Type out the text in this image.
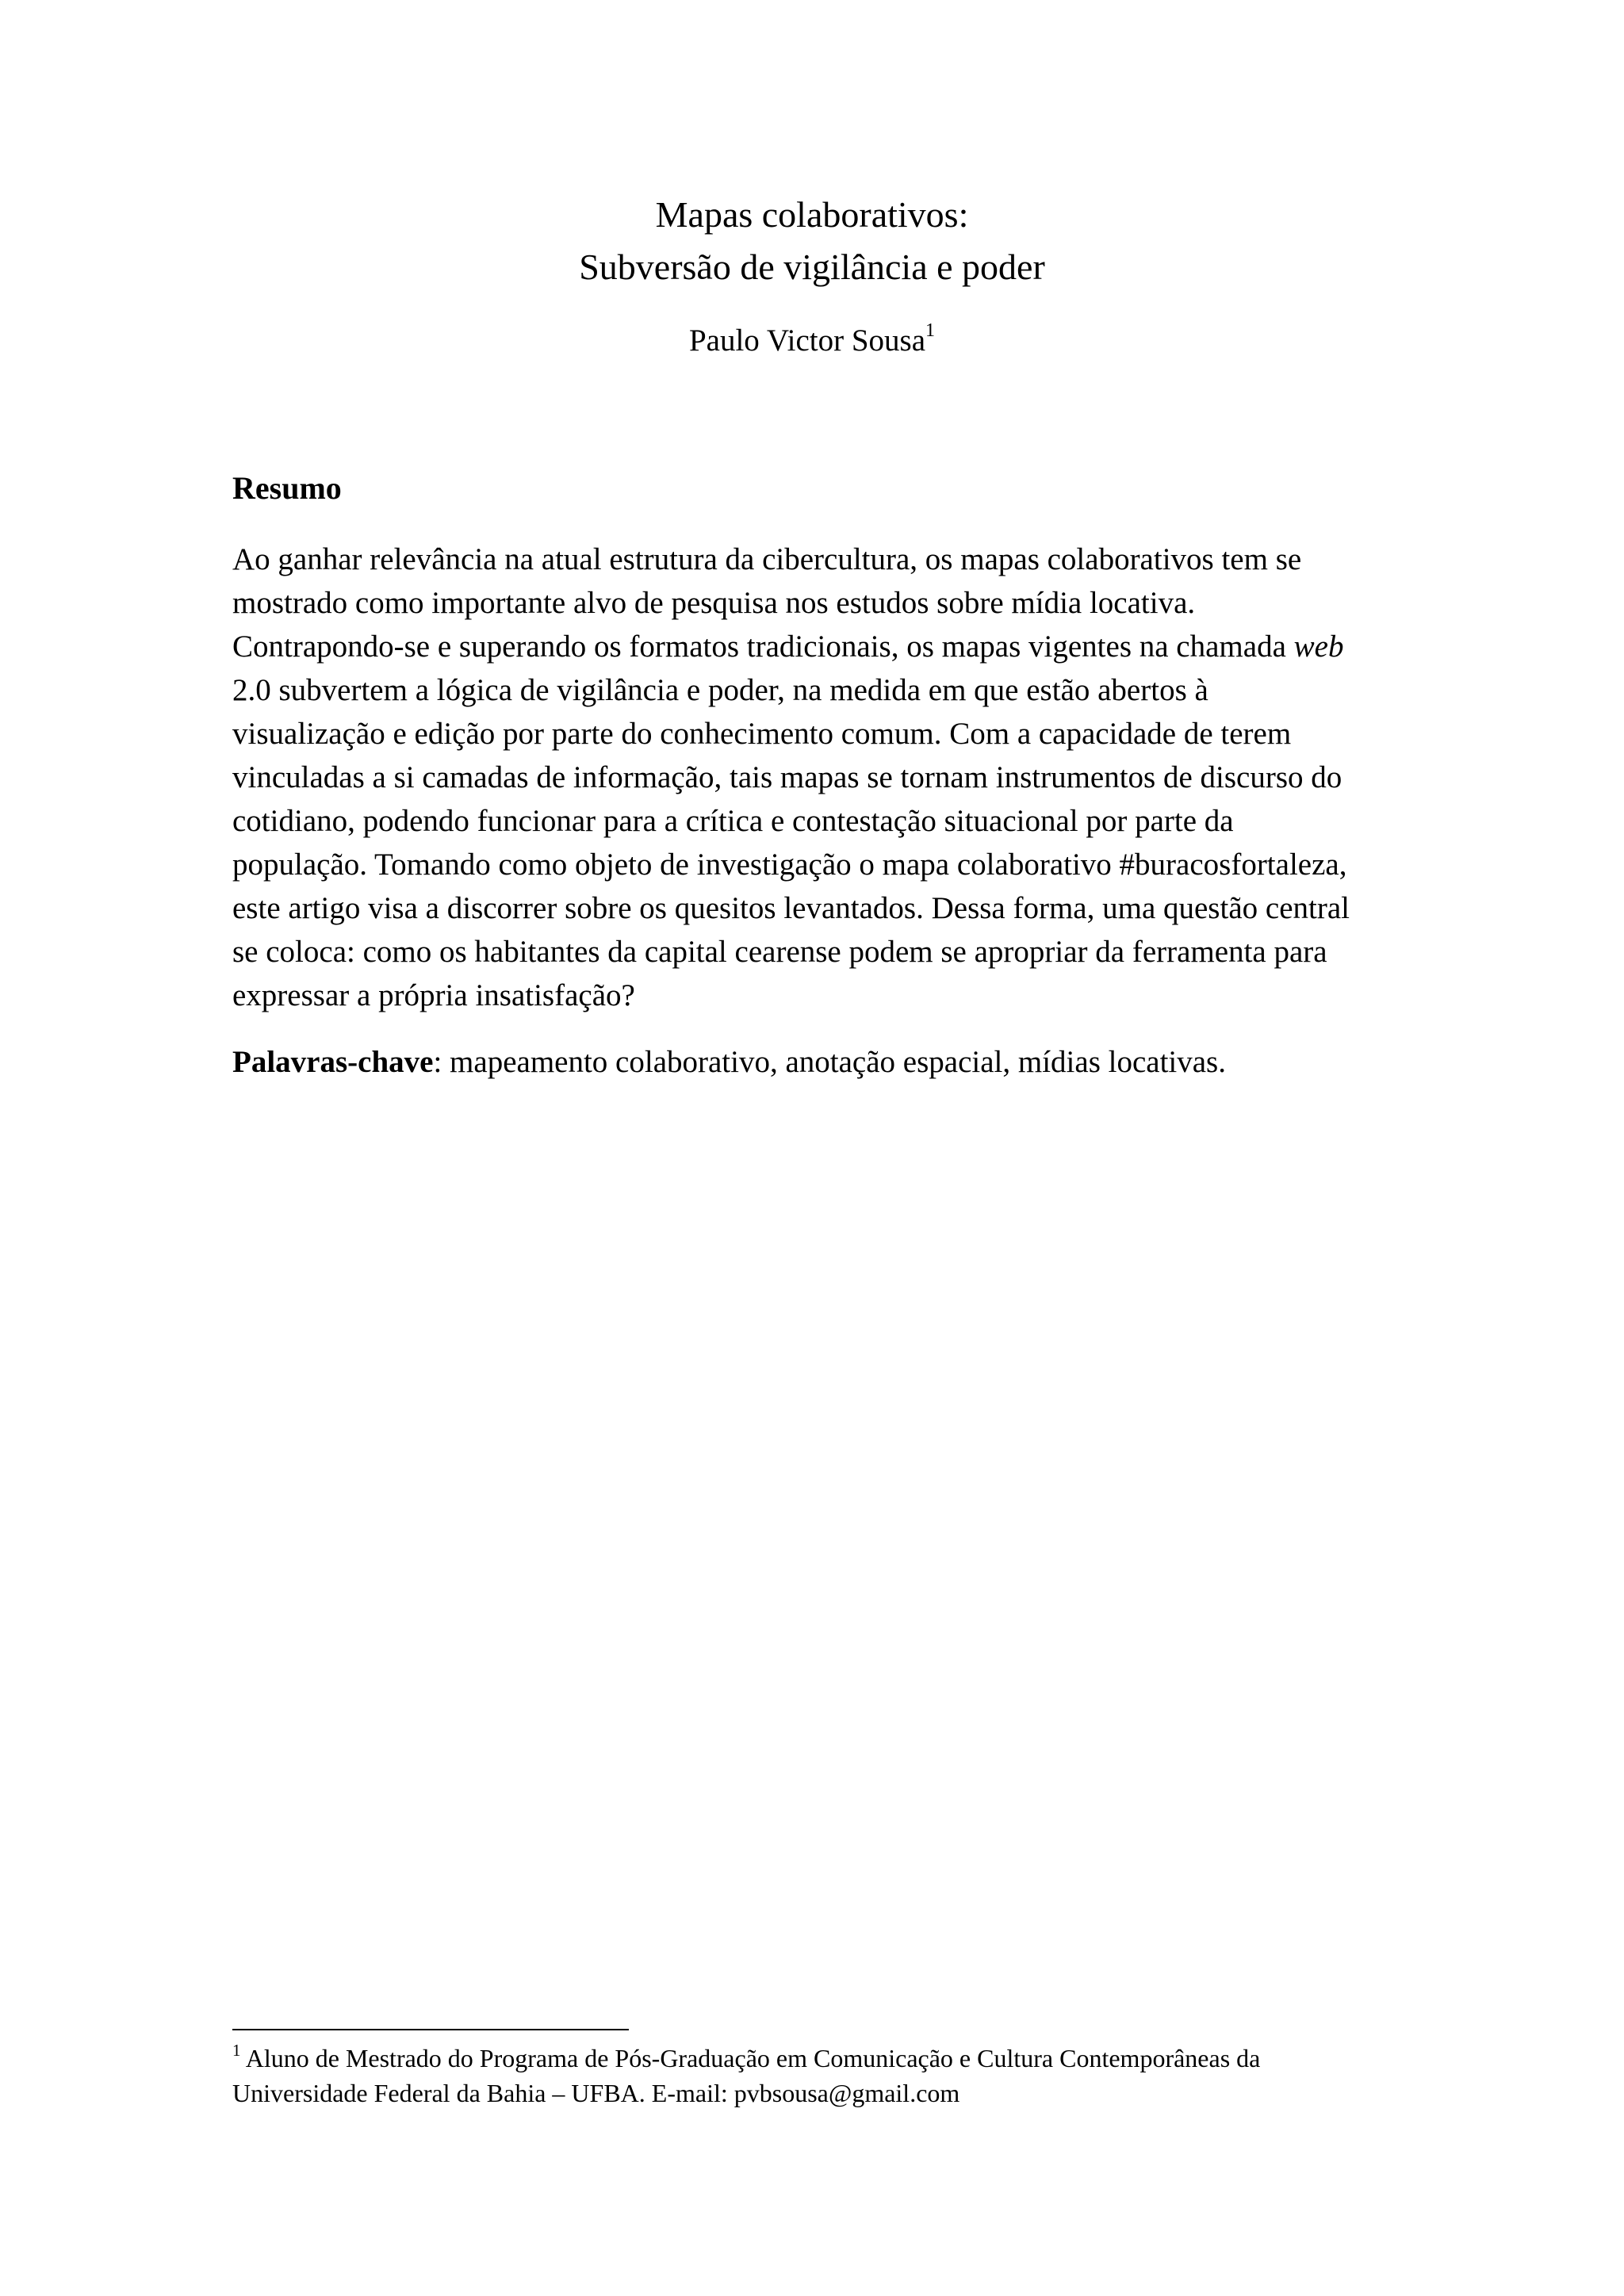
Mapas colaborativos:
Subversão de vigilância e poder
Paulo Victor Sousa$^1$
Resumo
Ao ganhar relevância na atual estrutura da cibercultura, os mapas colaborativos tem se
mostrado como importante alvo de pesquisa nos estudos sobre mídia locativa.
Contrapondo-se e superando os formatos tradicionais, os mapas vigentes na chamada web
2.0 subvertem a lógica de vigilância e poder, na medida em que estão abertos à
visualização e edição por parte do conhecimento comum. Com a capacidade de terem
vinculadas a si camadas de informação, tais mapas se tornam instrumentos de discurso do
cotidiano, podendo funcionar para a crítica e contestação situacional por parte da
população. Tomando como objeto de investigação o mapa colaborativo #buracosfortaleza,
este artigo visa a discorrer sobre os quesitos levantados. Dessa forma, uma questão central
se coloca: como os habitantes da capital cearense podem se apropriar da ferramenta para
expressar a própria insatisfação?
Palavras-chave: mapeamento colaborativo, anotação espacial, mídias locativas.
$^1$ Aluno de Mestrado do Programa de Pós-Graduação em Comunicação e Cultura Contemporâneas da
Universidade Federal da Bahia – UFBA. E-mail: pvbsousa@gmail.com
